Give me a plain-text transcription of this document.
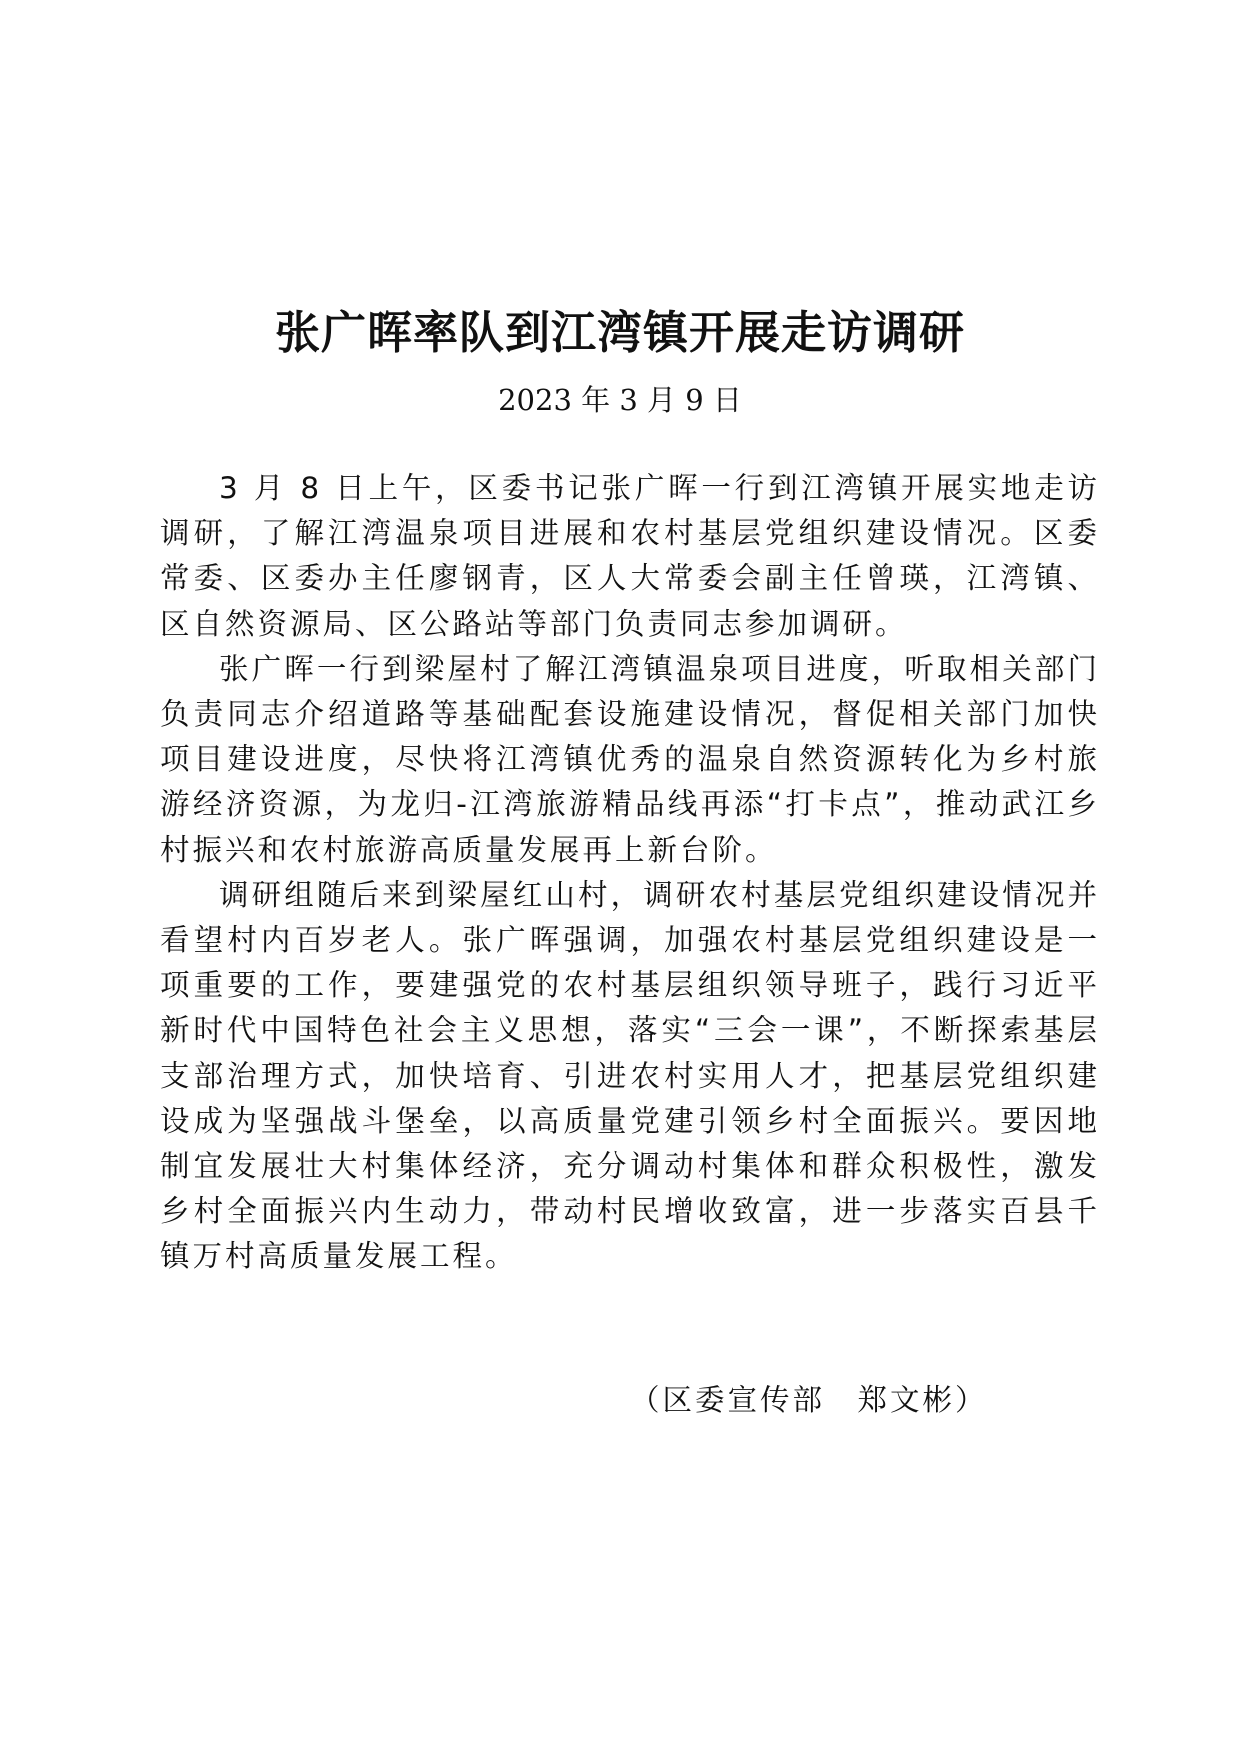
张广晖率队到江湾镇开展走访调研
2023 年 3 月 9 日

3 月 8 日上午，区委书记张广晖一行到江湾镇开展实地走访调研，了解江湾温泉项目进展和农村基层党组织建设情况。区委常委、区委办主任廖钢青，区人大常委会副主任曾瑛，江湾镇、区自然资源局、区公路站等部门负责同志参加调研。

张广晖一行到梁屋村了解江湾镇温泉项目进度，听取相关部门负责同志介绍道路等基础配套设施建设情况，督促相关部门加快项目建设进度，尽快将江湾镇优秀的温泉自然资源转化为乡村旅游经济资源，为龙归-江湾旅游精品线再添“打卡点”，推动武江乡村振兴和农村旅游高质量发展再上新台阶。

调研组随后来到梁屋红山村，调研农村基层党组织建设情况并看望村内百岁老人。张广晖强调，加强农村基层党组织建设是一项重要的工作，要建强党的农村基层组织领导班子，践行习近平新时代中国特色社会主义思想，落实“三会一课”，不断探索基层支部治理方式，加快培育、引进农村实用人才，把基层党组织建设成为坚强战斗堡垒，以高质量党建引领乡村全面振兴。要因地制宜发展壮大村集体经济，充分调动村集体和群众积极性，激发乡村全面振兴内生动力，带动村民增收致富，进一步落实百县千镇万村高质量发展工程。

（区委宣传部　郑文彬）
